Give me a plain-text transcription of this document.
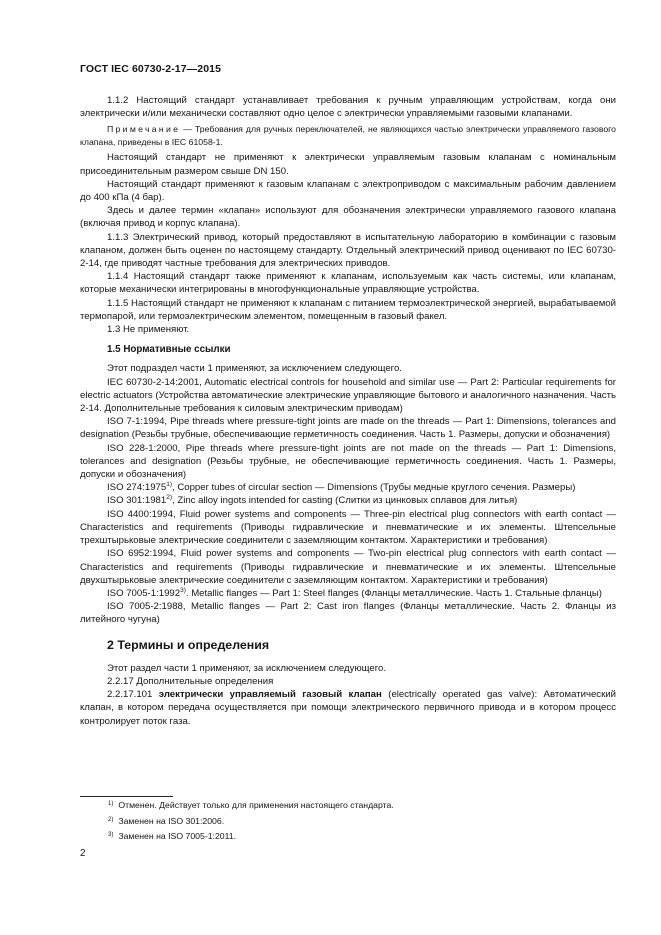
ГОСТ IEC 60730-2-17—2015

1.1.2 Настоящий стандарт устанавливает требования к ручным управляющим устройствам, когда они электрически и/или механически составляют одно целое с электрически управляемыми газовыми клапанами.

Примечание — Требования для ручных переключателей, не являющихся частью электрически управляемого газового клапана, приведены в IEC 61058-1.

Настоящий стандарт не применяют к электрически управляемым газовым клапанам с номинальным присоединительным размером свыше DN 150.

Настоящий стандарт применяют к газовым клапанам с электроприводом с максимальным рабочим давлением до 400 кПа (4 бар).

Здесь и далее термин «клапан» используют для обозначения электрически управляемого газового клапана (включая привод и корпус клапана).

1.1.3 Электрический привод, который предоставляют в испытательную лабораторию в комбинации с газовым клапаном, должен быть оценен по настоящему стандарту. Отдельный электрический привод оценивают по IEC 60730-2-14, где приводят частные требования для электрических приводов.

1.1.4 Настоящий стандарт также применяют к клапанам, используемым как часть системы, или клапанам, которые механически интегрированы в многофункциональные управляющие устройства.

1.1.5 Настоящий стандарт не применяют к клапанам с питанием термоэлектрической энергией, вырабатываемой термопарой, или термоэлектрическим элементом, помещенным в газовый факел.

1.3 Не применяют.

1.5 Нормативные ссылки

Этот подраздел части 1 применяют, за исключением следующего.

IEC 60730-2-14:2001, Automatic electrical controls for household and similar use — Part 2: Particular requirements for electric actuators (Устройства автоматические электрические управляющие бытового и аналогичного назначения. Часть 2-14. Дополнительные требования к силовым электрическим приводам)

ISO 7-1:1994, Pipe threads where pressure-tight joints are made on the threads — Part 1: Dimensions, tolerances and designation (Резьбы трубные, обеспечивающие герметичность соединения. Часть 1. Размеры, допуски и обозначения)

ISO 228-1:2000, Pipe threads where pressure-tight joints are not made on the threads — Part 1: Dimensions, tolerances and designation (Резьбы трубные, не обеспечивающие герметичность соединения. Часть 1. Размеры, допуски и обозначения)

ISO 274:1975$^{1)}$, Copper tubes of circular section — Dimensions (Трубы медные круглого сечения. Размеры)

ISO 301:1981$^{2)}$, Zinc alloy ingots intended for casting (Слитки из цинковых сплавов для литья)

ISO 4400:1994, Fluid power systems and components — Three-pin electrical plug connectors with earth contact — Characteristics and requirements (Приводы гидравлические и пневматические и их элементы. Штепсельные трехштырьковые электрические соединители с заземляющим контактом. Характеристики и требования)

ISO 6952:1994, Fluid power systems and components — Two-pin electrical plug connectors with earth contact — Characteristics and requirements (Приводы гидравлические и пневматические и их элементы. Штепсельные двухштырьковые электрические соединители с заземляющим контактом. Характеристики и требования)

ISO 7005-1:1992$^{3)}$. Metallic flanges — Part 1: Steel flanges (Фланцы металлические. Часть 1. Стальные фланцы)

ISO 7005-2:1988, Metallic flanges — Part 2: Cast iron flanges (Фланцы металлические. Часть 2. Фланцы из литейного чугуна)

2 Термины и определения

Этот раздел части 1 применяют, за исключением следующего.

2.2.17 Дополнительные определения

2.2.17.101 электрически управляемый газовый клапан (electrically operated gas valve): Автоматический клапан, в котором передача осуществляется при помощи электрического первичного привода и в котором процесс контролирует поток газа.

$^{1)}$ Отменен. Действует только для применения настоящего стандарта.
$^{2)}$ Заменен на ISO 301:2006.
$^{3)}$ Заменен на ISO 7005-1:2011.
2
